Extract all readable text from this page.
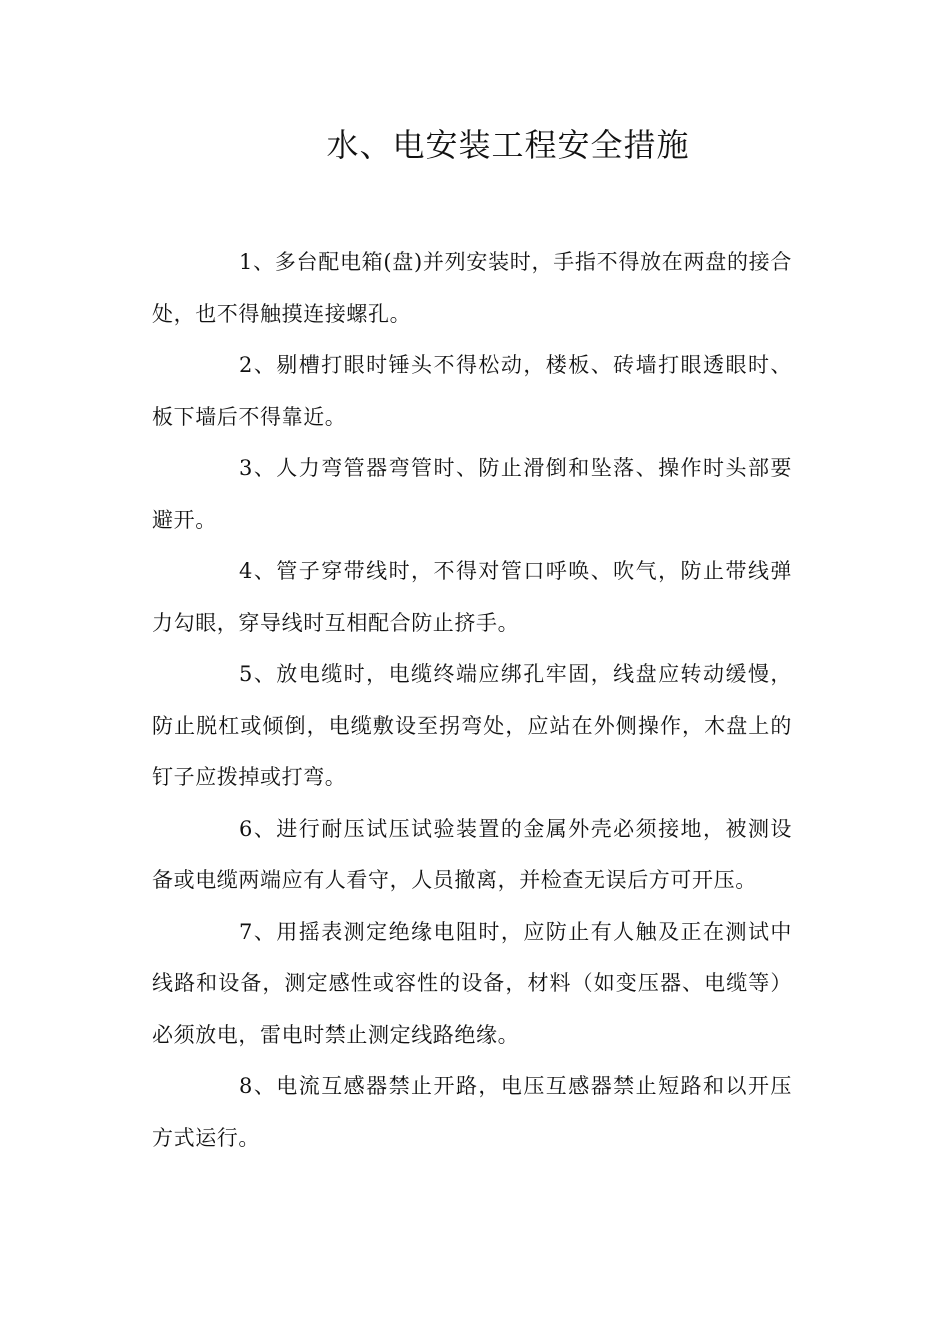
水、电安装工程安全措施

1、多台配电箱(盘)并列安装时，手指不得放在两盘的接合处，也不得触摸连接螺孔。

2、剔槽打眼时锤头不得松动，楼板、砖墙打眼透眼时、板下墙后不得靠近。

3、人力弯管器弯管时、防止滑倒和坠落、操作时头部要避开。

4、管子穿带线时，不得对管口呼唤、吹气，防止带线弹力勾眼，穿导线时互相配合防止挤手。

5、放电缆时，电缆终端应绑孔牢固，线盘应转动缓慢，防止脱杠或倾倒，电缆敷设至拐弯处，应站在外侧操作，木盘上的钉子应拨掉或打弯。

6、进行耐压试压试验装置的金属外壳必须接地，被测设备或电缆两端应有人看守，人员撤离，并检查无误后方可开压。

7、用摇表测定绝缘电阻时，应防止有人触及正在测试中线路和设备，测定感性或容性的设备，材料（如变压器、电缆等）必须放电，雷电时禁止测定线路绝缘。

8、电流互感器禁止开路，电压互感器禁止短路和以开压方式运行。
